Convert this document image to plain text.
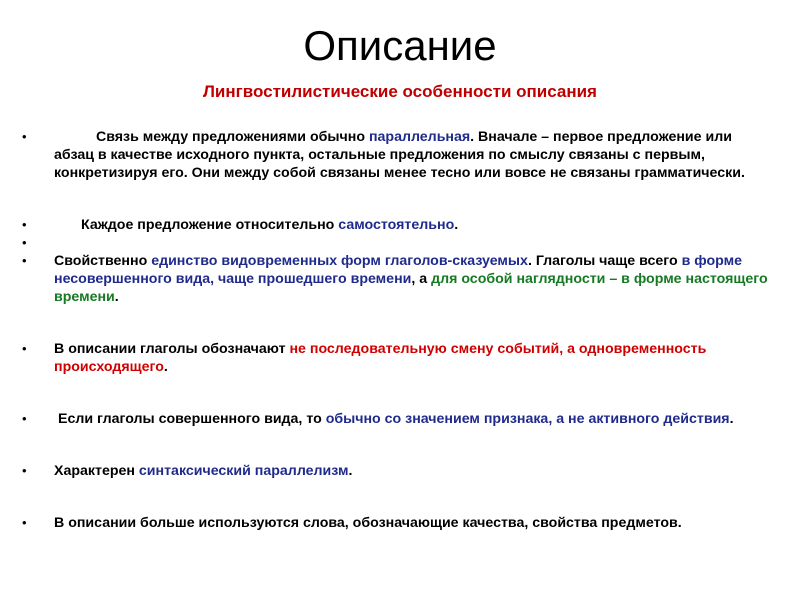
Описание
Лингвостилистические особенности описания
•	Связь между предложениями обычно параллельная. Вначале – первое предложение или абзац в качестве исходного пункта, остальные предложения по смыслу связаны с первым, конкретизируя его. Они между собой связаны менее тесно или вовсе не связаны грамматически.
•	Каждое предложение относительно самостоятельно.
•

• Свойственно единство видовременных форм глаголов-сказуемых. Глаголы чаще всего в форме несовершенного вида, чаще прошедшего времени, а для особой наглядности – в форме настоящего времени.
• В описании глаголы обозначают не последовательную смену событий, а одновременность происходящего.
• Если глаголы совершенного вида, то обычно со значением признака, а не активного действия.
• Характерен синтаксический параллелизм.
• В описании больше используются слова, обозначающие качества, свойства предметов.
